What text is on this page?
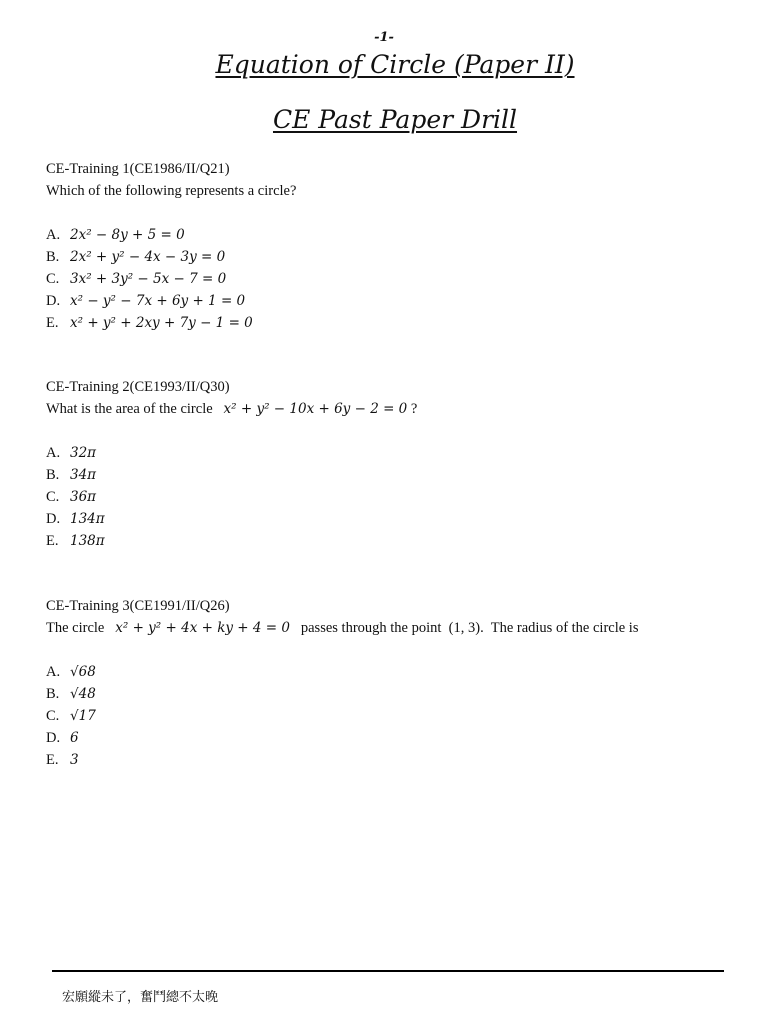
-1-
Equation of Circle (Paper II)
CE Past Paper Drill

CE-Training 1(CE1986/II/Q21)

Which of the following represents a circle?

A. 2x² − 8y + 5 = 0
B. 2x² + y² − 4x − 3y = 0
C. 3x² + 3y² − 5x − 7 = 0
D. x² − y² − 7x + 6y + 1 = 0
E. x² + y² + 2xy + 7y − 1 = 0

CE-Training 2(CE1993/II/Q30)

What is the area of the circle x² + y² − 10x + 6y − 2 = 0 ?

A. 32π
B. 34π
C. 36π
D. 134π
E. 138π

CE-Training 3(CE1991/II/Q26)

The circle x² + y² + 4x + ky + 4 = 0 passes through the point (1, 3). The radius of the circle is

A. √68
B. √48
C. √17
D. 6
E. 3
宏願縱未了，奮鬥總不太晚
